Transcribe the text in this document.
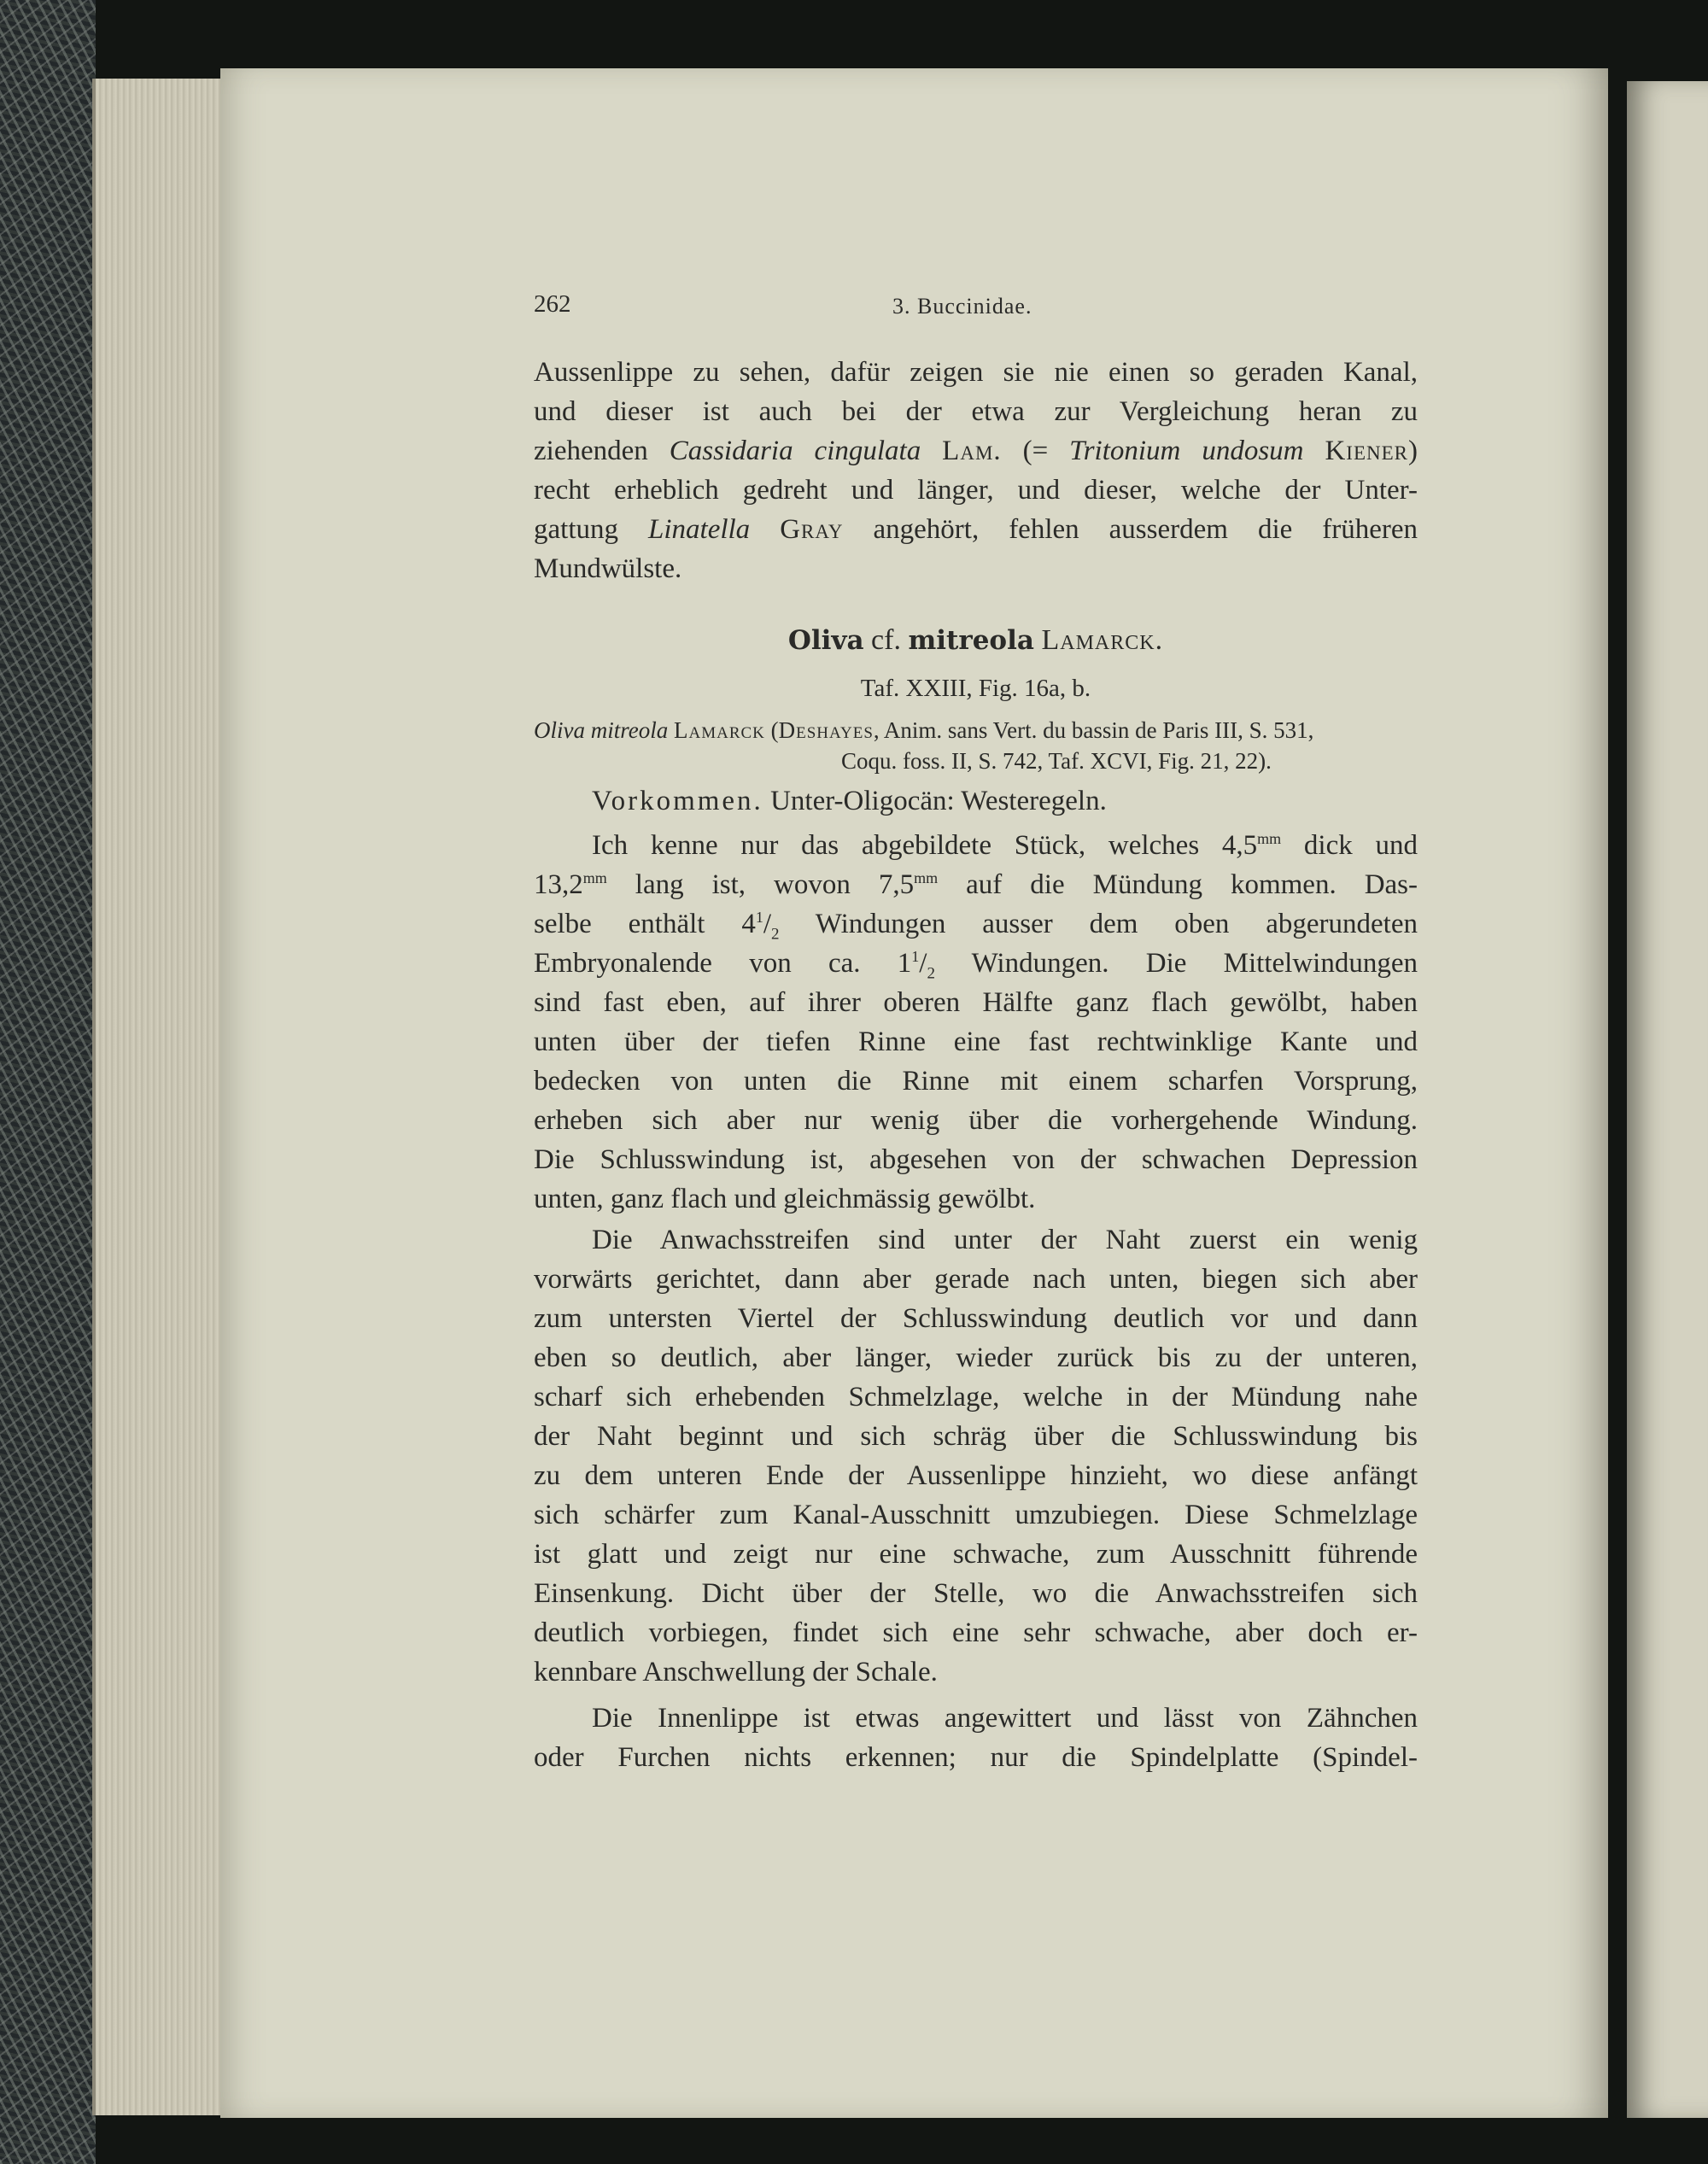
262	3. Buccinidae.
Aussenlippe zu sehen, dafür zeigen sie nie einen so geraden Kanal,
und dieser ist auch bei der etwa zur Vergleichung heran zu
ziehenden Cassidaria cingulata Lam. (= Tritonium undosum Kiener)
recht erheblich gedreht und länger, und dieser, welche der Unter-
gattung Linatella Gray angehört, fehlen ausserdem die früheren
Mundwülste.
Oliva cf. mitreola Lamarck.
Taf. XXIII, Fig. 16a, b.
Oliva mitreola Lamarck (Deshayes, Anim. sans Vert. du bassin de Paris III, S. 531,
Coqu. foss. II, S. 742, Taf. XCVI, Fig. 21, 22).
Vorkommen. Unter-Oligocän: Westeregeln.
Ich kenne nur das abgebildete Stück, welches $4,5^{mm}$ dick und
$13,2^{mm}$ lang ist, wovon $7,5^{mm}$ auf die Mündung kommen. Das-
selbe enthält $4^1/_2$ Windungen ausser dem oben abgerundeten
Embryonalende von ca. $1^1/_2$ Windungen. Die Mittelwindungen
sind fast eben, auf ihrer oberen Hälfte ganz flach gewölbt, haben
unten über der tiefen Rinne eine fast rechtwinklige Kante und
bedecken von unten die Rinne mit einem scharfen Vorsprung,
erheben sich aber nur wenig über die vorhergehende Windung.
Die Schlusswindung ist, abgesehen von der schwachen Depression
unten, ganz flach und gleichmässig gewölbt.
Die Anwachsstreifen sind unter der Naht zuerst ein wenig
vorwärts gerichtet, dann aber gerade nach unten, biegen sich aber
zum untersten Viertel der Schlusswindung deutlich vor und dann
eben so deutlich, aber länger, wieder zurück bis zu der unteren,
scharf sich erhebenden Schmelzlage, welche in der Mündung nahe
der Naht beginnt und sich schräg über die Schlusswindung bis
zu dem unteren Ende der Aussenlippe hinzieht, wo diese anfängt
sich schärfer zum Kanal-Ausschnitt umzubiegen. Diese Schmelzlage
ist glatt und zeigt nur eine schwache, zum Ausschnitt führende
Einsenkung. Dicht über der Stelle, wo die Anwachsstreifen sich
deutlich vorbiegen, findet sich eine sehr schwache, aber doch er-
kennbare Anschwellung der Schale.
Die Innenlippe ist etwas angewittert und lässt von Zähnchen
oder Furchen nichts erkennen; nur die Spindelplatte (Spindel-
